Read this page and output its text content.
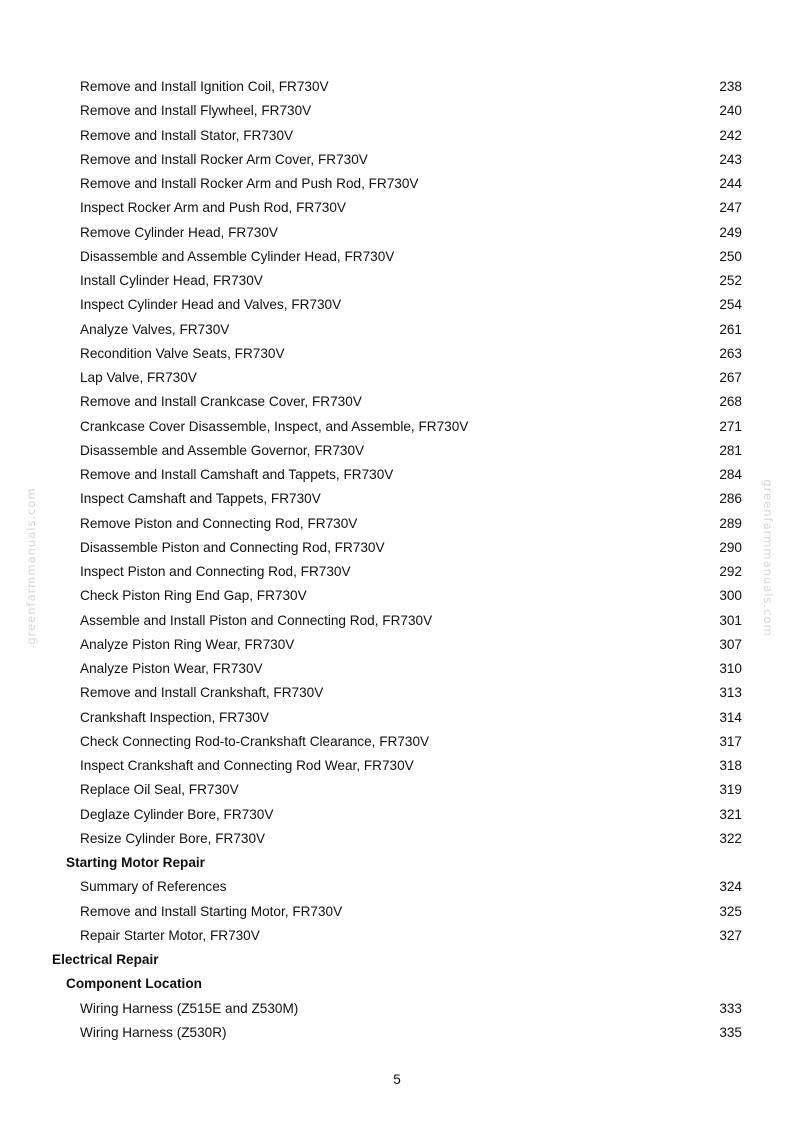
greenfarmmanuals.com	greenfarmmanuals.com
Remove and Install Ignition Coil, FR730V	238
Remove and Install Flywheel, FR730V	240
Remove and Install Stator, FR730V	242
Remove and Install Rocker Arm Cover, FR730V	243
Remove and Install Rocker Arm and Push Rod, FR730V	244
Inspect Rocker Arm and Push Rod, FR730V	247
Remove Cylinder Head, FR730V	249
Disassemble and Assemble Cylinder Head, FR730V	250
Install Cylinder Head, FR730V	252
Inspect Cylinder Head and Valves, FR730V	254
Analyze Valves, FR730V	261
Recondition Valve Seats, FR730V	263
Lap Valve, FR730V	267
Remove and Install Crankcase Cover, FR730V	268
Crankcase Cover Disassemble, Inspect, and Assemble, FR730V	271
Disassemble and Assemble Governor, FR730V	281
Remove and Install Camshaft and Tappets, FR730V	284
Inspect Camshaft and Tappets, FR730V	286
Remove Piston and Connecting Rod, FR730V	289
Disassemble Piston and Connecting Rod, FR730V	290
Inspect Piston and Connecting Rod, FR730V	292
Check Piston Ring End Gap, FR730V	300
Assemble and Install Piston and Connecting Rod, FR730V	301
Analyze Piston Ring Wear, FR730V	307
Analyze Piston Wear, FR730V	310
Remove and Install Crankshaft, FR730V	313
Crankshaft Inspection, FR730V	314
Check Connecting Rod-to-Crankshaft Clearance, FR730V	317
Inspect Crankshaft and Connecting Rod Wear, FR730V	318
Replace Oil Seal, FR730V	319
Deglaze Cylinder Bore, FR730V	321
Resize Cylinder Bore, FR730V	322
Starting Motor Repair
Summary of References	324
Remove and Install Starting Motor, FR730V	325
Repair Starter Motor, FR730V	327
Electrical Repair
Component Location
Wiring Harness (Z515E and Z530M)	333
Wiring Harness (Z530R)	335
5
